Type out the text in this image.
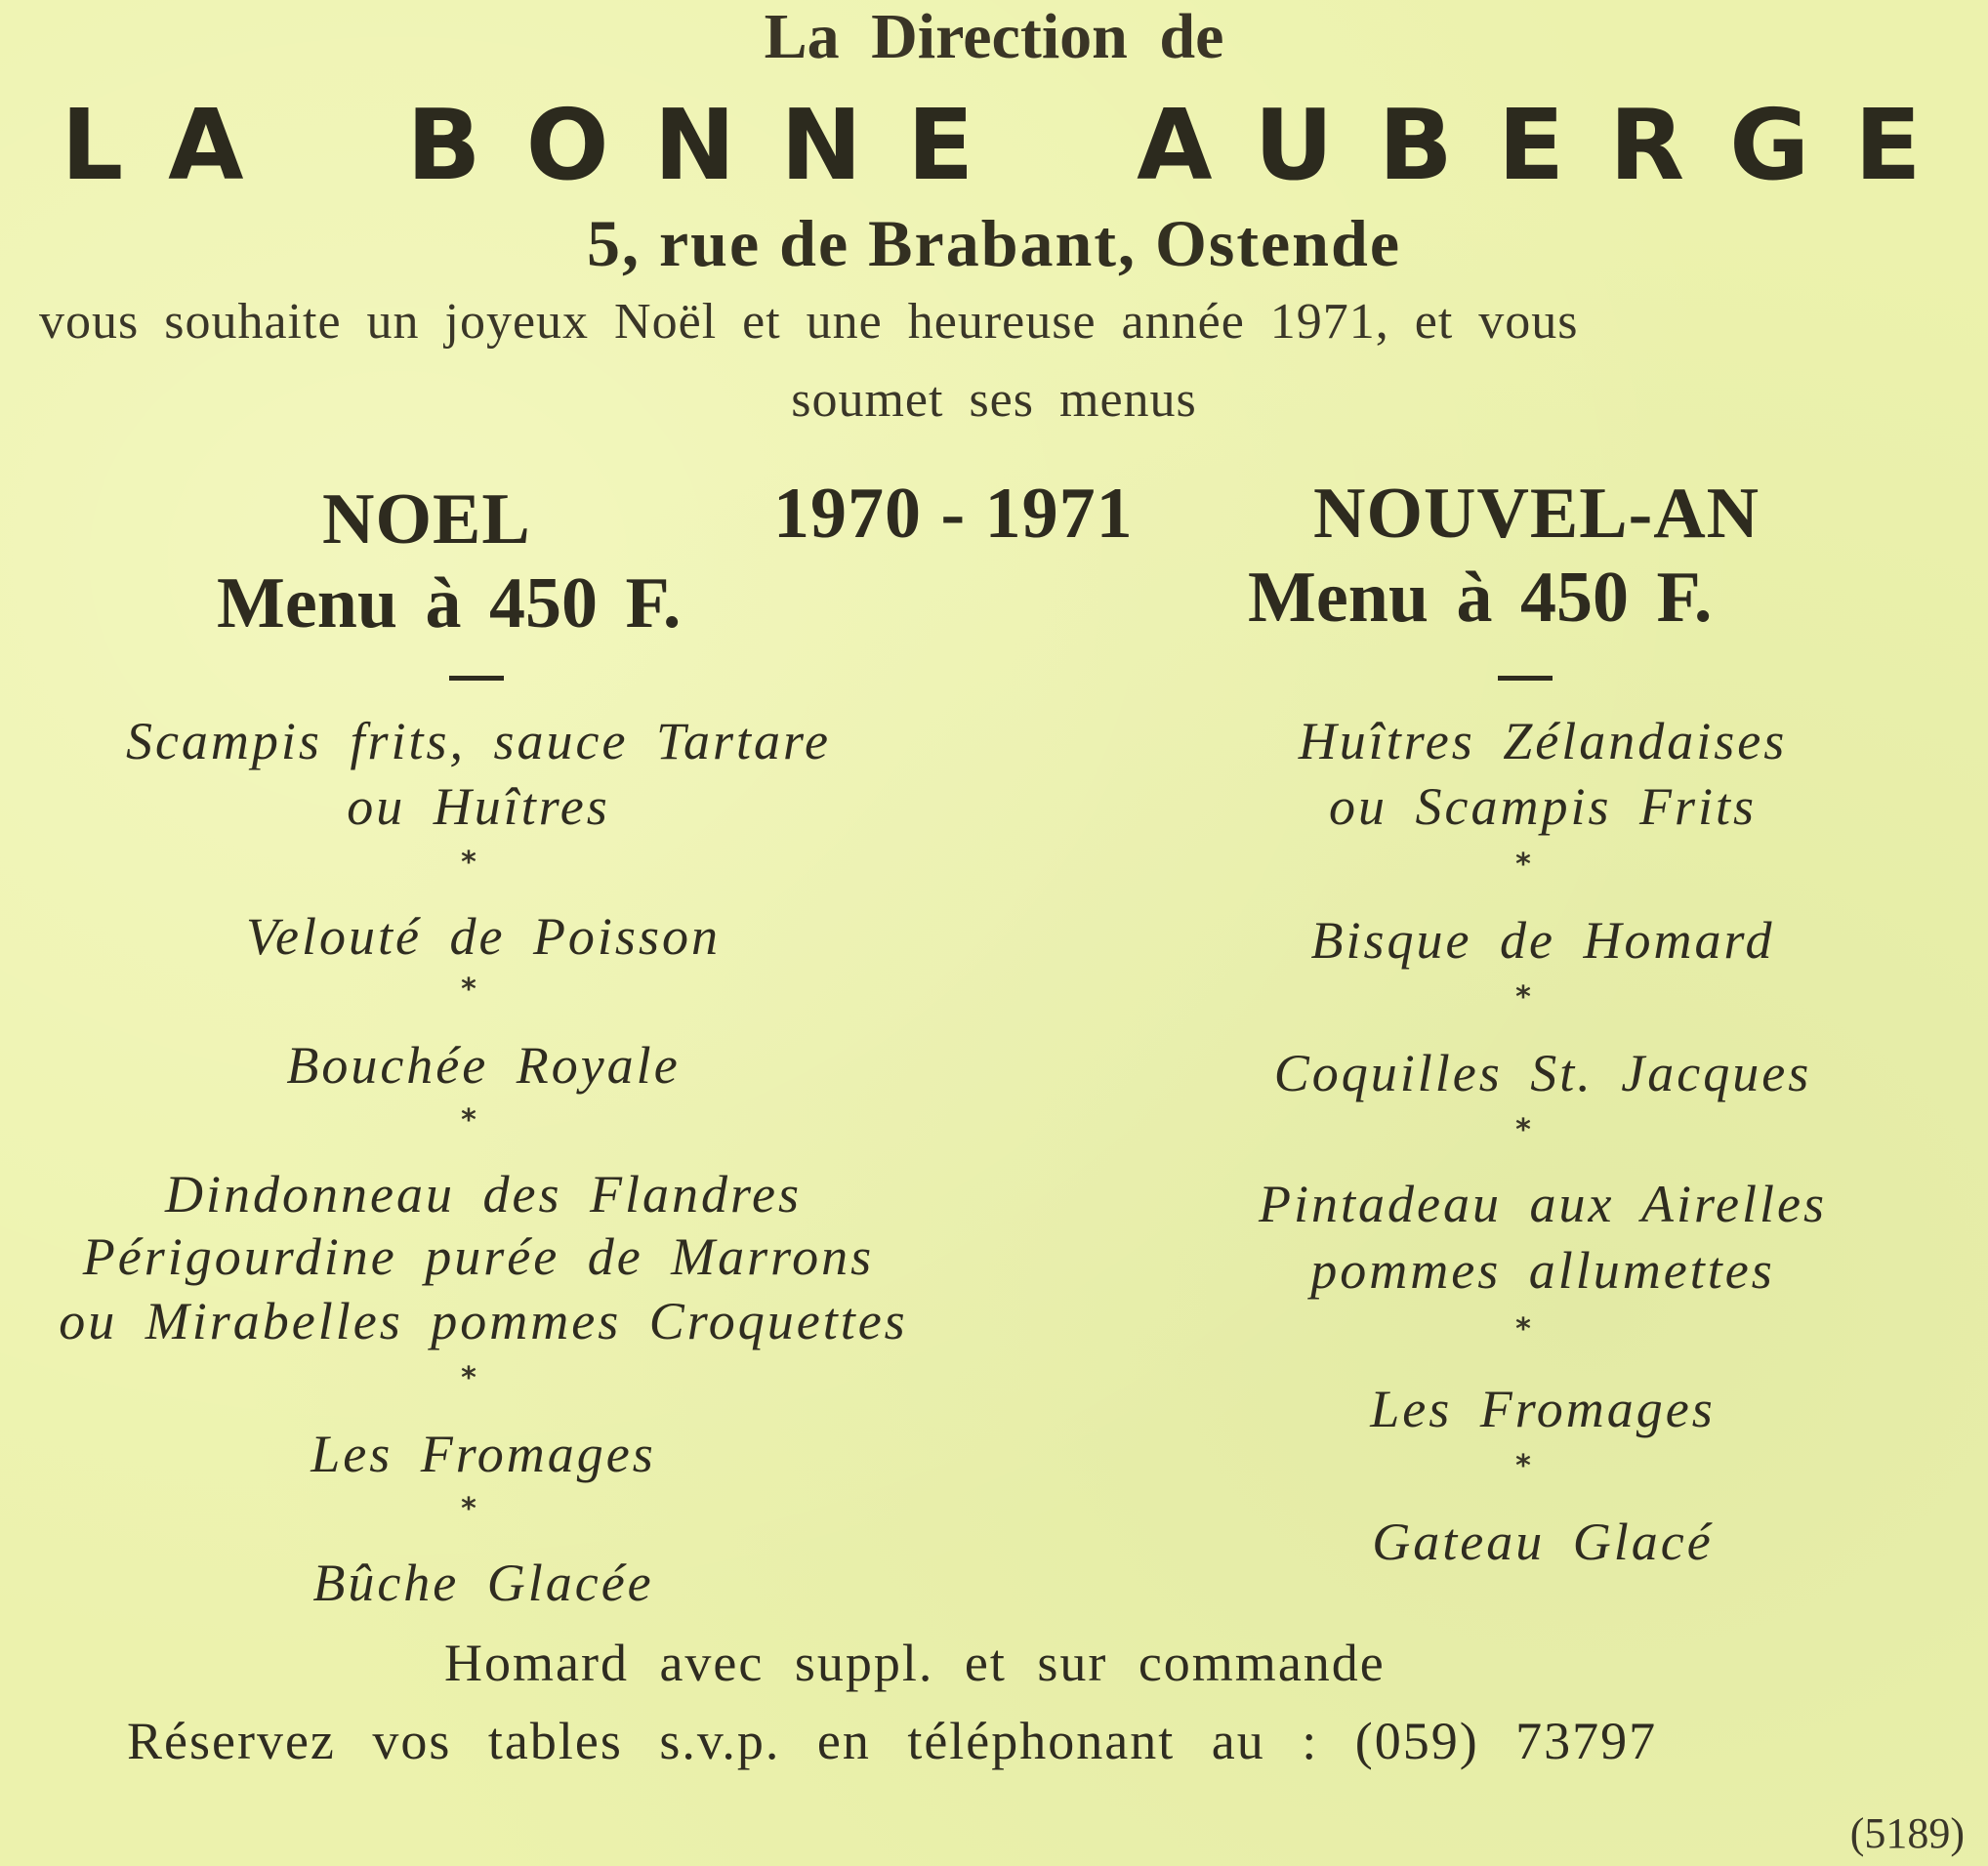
La Direction de
LA BONNE AUBERGE
5, rue de Brabant, Ostende
vous souhaite un joyeux Noël et une heureuse année 1971, et vous
soumet ses menus
NOEL	1970 - 1971 NOUVEL-AN
Menu à 450 F.	Menu à 450 F.
Scampis frits, sauce Tartare
ou Huîtres
*
Velouté de Poisson
*
Bouchée Royale
*
Dindonneau des Flandres
Périgourdine purée de Marrons
ou Mirabelles pommes Croquettes
*
Les Fromages
*
Bûche Glacée
Huîtres Zélandaises
ou Scampis Frits
*
Bisque de Homard
*
Coquilles St. Jacques
*
Pintadeau aux Airelles
pommes allumettes
*
Les Fromages
*
Gateau Glacé
Homard avec suppl. et sur commande
Réservez vos tables s.v.p. en téléphonant au : (059) 73797
(5189)
